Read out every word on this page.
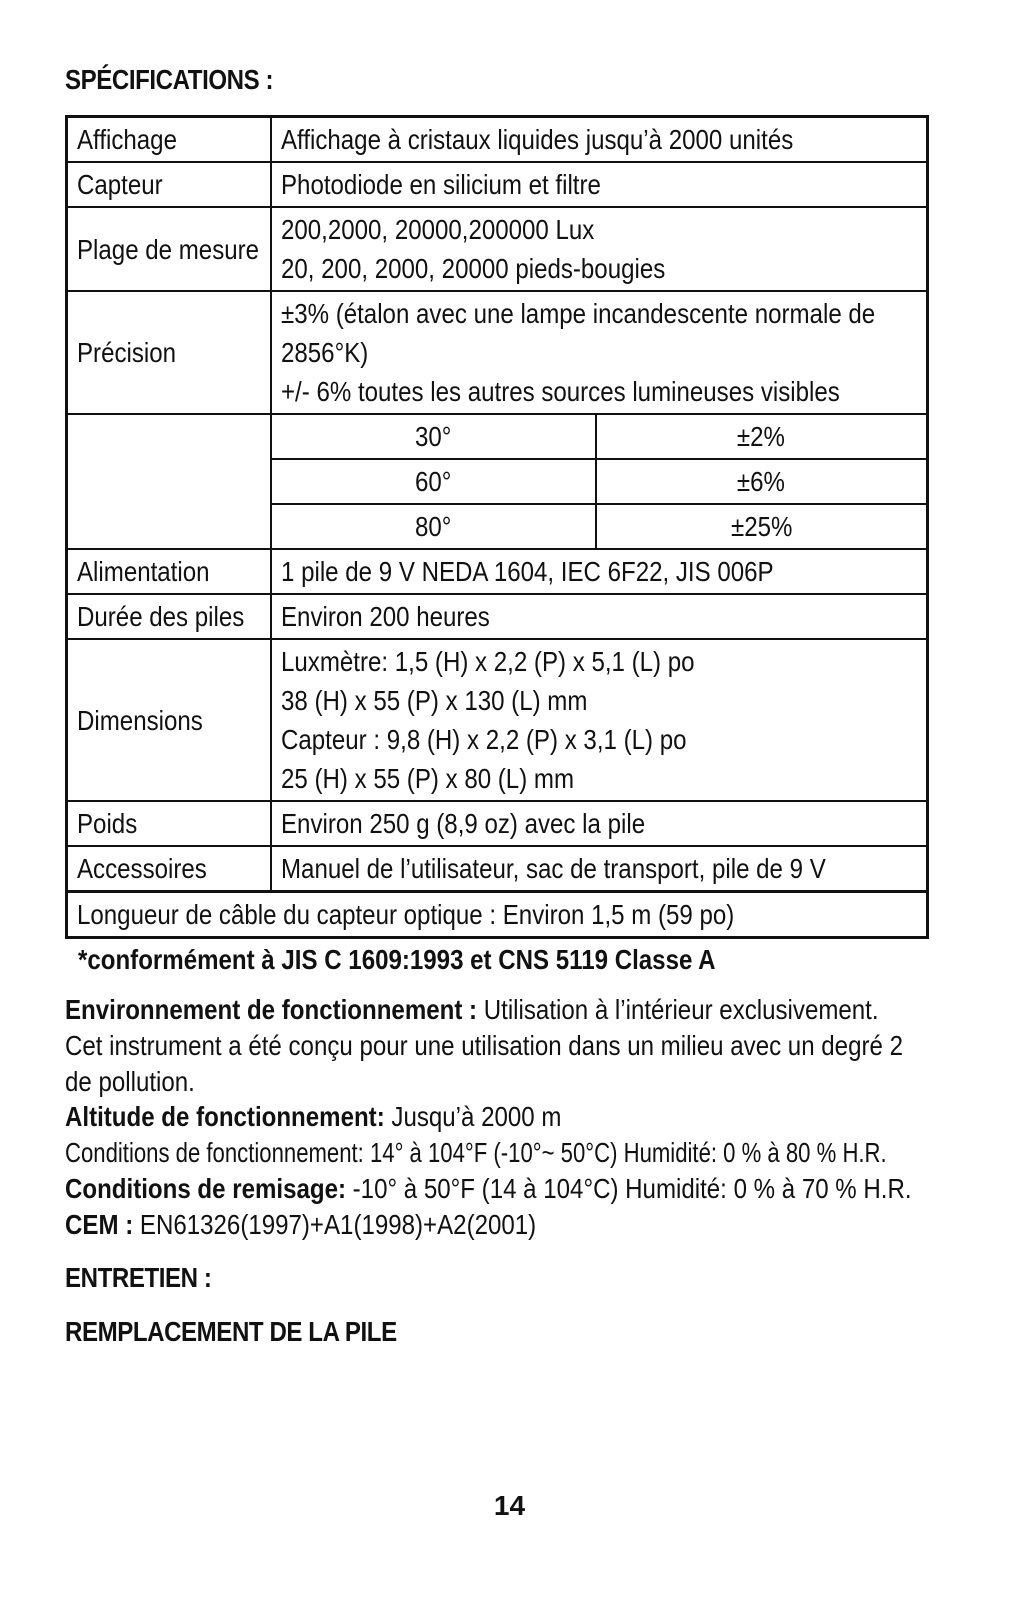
SPÉCIFICATIONS :
Affichage	Affichage à cristaux liquides jusqu’à 2000 unités	
Capteur	Photodiode en silicium et filtre	
Plage de mesure	200,2000, 20000,200000 Lux
20, 200, 2000, 20000 pieds-bougies	

Précision	±3% (étalon avec une lampe incandescente normale de
2856°K)
+/- 6% toutes les autres sources lumineuses visibles	

	30°	±2%
	60°	±6%
	80°	±25%
Alimentation	1 pile de 9 V NEDA 1604, IEC 6F22, JIS 006P	
Durée des piles	Environ 200 heures	
Dimensions	Luxmètre: 1,5 (H) x 2,2 (P) x 5,1 (L) po
38 (H) x 55 (P) x 130 (L) mm
Capteur : 9,8 (H) x 2,2 (P) x 3,1 (L) po
25 (H) x 55 (P) x 80 (L) mm	

Poids	Environ 250 g (8,9 oz) avec la pile	
Accessoires	Manuel de l’utilisateur, sac de transport, pile de 9 V	
Longueur de câble du capteur optique : Environ 1,5 m (59 po)		
*conformément à JIS C 1609:1993 et CNS 5119 Classe A

Environnement de fonctionnement : Utilisation à l’intérieur exclusivement.

Cet instrument a été conçu pour une utilisation dans un milieu avec un degré 2

de pollution.

Altitude de fonctionnement: Jusqu’à 2000 m

Conditions de fonctionnement: 14° à 104°F (-10°~ 50°C) Humidité: 0 % à 80 % H.R.

Conditions de remisage: -10° à 50°F (14 à 104°C) Humidité: 0 % à 70 % H.R.

CEM : EN61326(1997)+A1(1998)+A2(2001)

ENTRETIEN :
REMPLACEMENT DE LA PILE
14
